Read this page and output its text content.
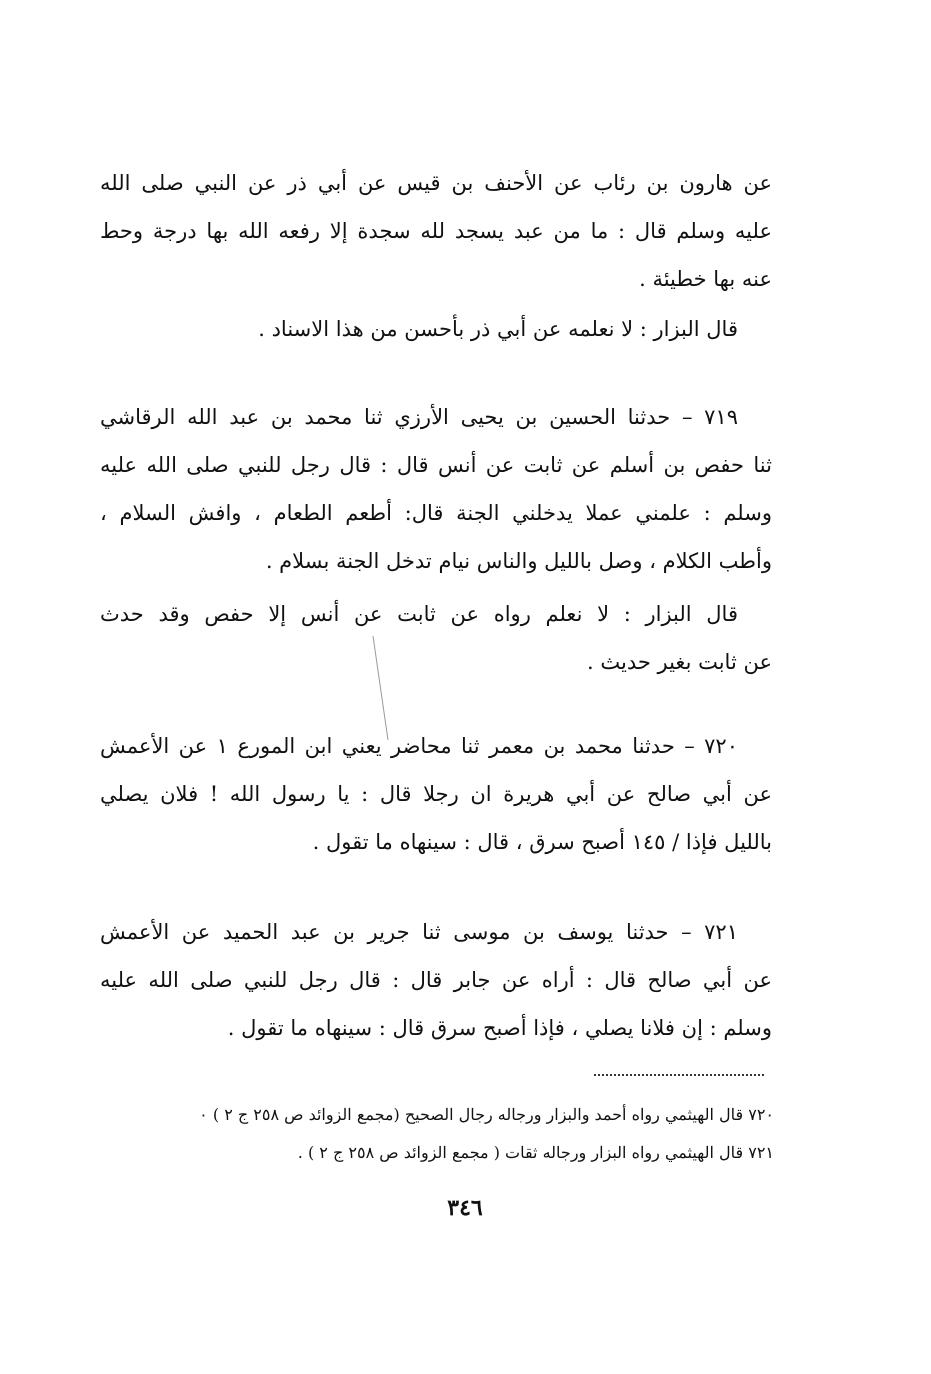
عن هارون بن رئاب عن الأحنف بن قيس عن أبي ذر عن النبي صلى الله
عليه وسلم قال : ما من عبد يسجد لله سجدة إلا رفعه الله بها درجة وحط
عنه بها خطيئة .
قال البزار : لا نعلمه عن أبي ذر بأحسن من هذا الاسناد .
٧١٩ – حدثنا الحسين بن يحيى الأرزي ثنا محمد بن عبد الله الرقاشي
ثنا حفص بن أسلم عن ثابت عن أنس قال : قال رجل للنبي صلى الله عليه
وسلم : علمني عملا يدخلني الجنة قال: أطعم الطعام ، وافش السلام ،
وأطب الكلام ، وصل بالليل والناس نيام تدخل الجنة بسلام .
قال البزار : لا نعلم رواه عن ثابت عن أنس إلا حفص وقد حدث
عن ثابت بغير حديث .
٧٢٠ – حدثنا محمد بن معمر ثنا محاضر يعني ابن المورع ١ عن الأعمش
عن أبي صالح عن أبي هريرة ان رجلا قال : يا رسول الله ! فلان يصلي
بالليل فإذا / ١٤٥ أصبح سرق ، قال : سينهاه ما تقول .
٧٢١ – حدثنا يوسف بن موسى ثنا جرير بن عبد الحميد عن الأعمش
عن أبي صالح قال : أراه عن جابر قال : قال رجل للنبي صلى الله عليه
وسلم : إن فلانا يصلي ، فإذا أصبح سرق قال : سينهاه ما تقول .
٧٢٠ قال الهيثمي رواه أحمد والبزار ورجاله رجال الصحيح (مجمع الزوائد ص ٢٥٨ ج ٢ ) ٠
٧٢١ قال الهيثمي رواه البزار ورجاله ثقات ( مجمع الزوائد ص ٢٥٨ ج ٢ ) .
٣٤٦
